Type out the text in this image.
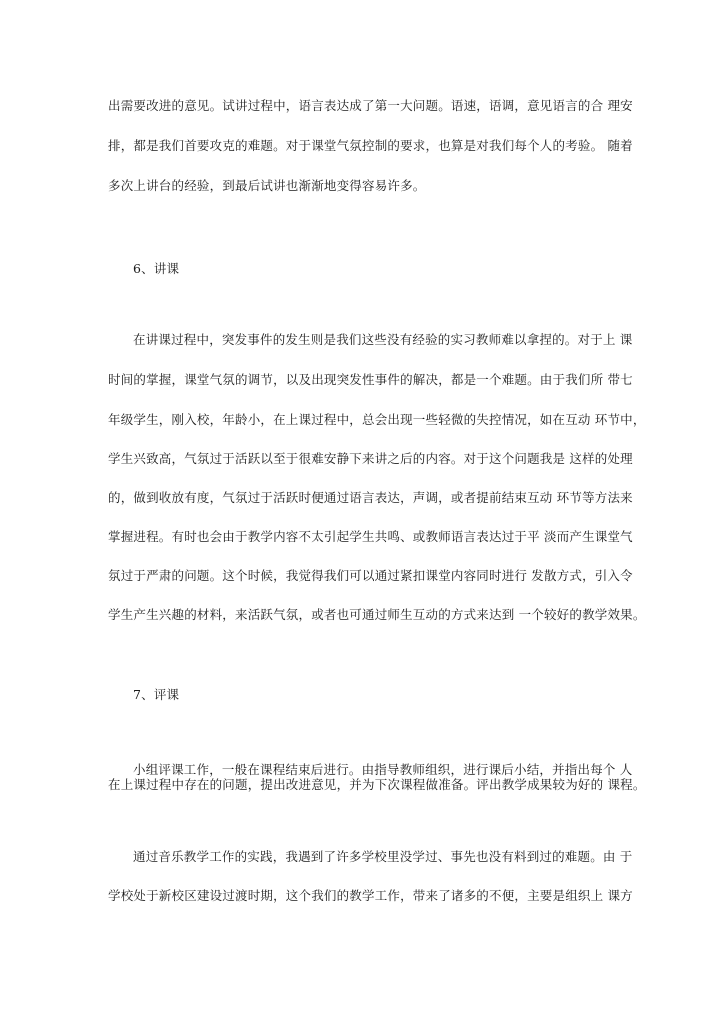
出需要改进的意见。试讲过程中，语言表达成了第一大问题。语速，语调，意见语言的合 理安
排，都是我们首要攻克的难题。对于课堂气氛控制的要求，也算是对我们每个人的考验。 随着
多次上讲台的经验，到最后试讲也渐渐地变得容易许多。
6、讲课
在讲课过程中，突发事件的发生则是我们这些没有经验的实习教师难以拿捏的。对于上 课
时间的掌握，课堂气氛的调节，以及出现突发性事件的解决，都是一个难题。由于我们所 带七
年级学生，刚入校，年龄小，在上课过程中，总会出现一些轻微的失控情况，如在互动 环节中，
学生兴致高，气氛过于活跃以至于很难安静下来讲之后的内容。对于这个问题我是 这样的处理
的，做到收放有度，气氛过于活跃时便通过语言表达，声调，或者提前结束互动 环节等方法来
掌握进程。有时也会由于教学内容不太引起学生共鸣、或教师语言表达过于平 淡而产生课堂气
氛过于严肃的问题。这个时候，我觉得我们可以通过紧扣课堂内容同时进行 发散方式，引入令
学生产生兴趣的材料，来活跃气氛，或者也可通过师生互动的方式来达到 一个较好的教学效果。
7、评课
小组评课工作，一般在课程结束后进行。由指导教师组织，进行课后小结，并指出每个 人
在上课过程中存在的问题，提出改进意见，并为下次课程做准备。评出教学成果较为好的 课程。
通过音乐教学工作的实践，我遇到了许多学校里没学过、事先也没有料到过的难题。由 于
学校处于新校区建设过渡时期，这个我们的教学工作，带来了诸多的不便，主要是组织上 课方
